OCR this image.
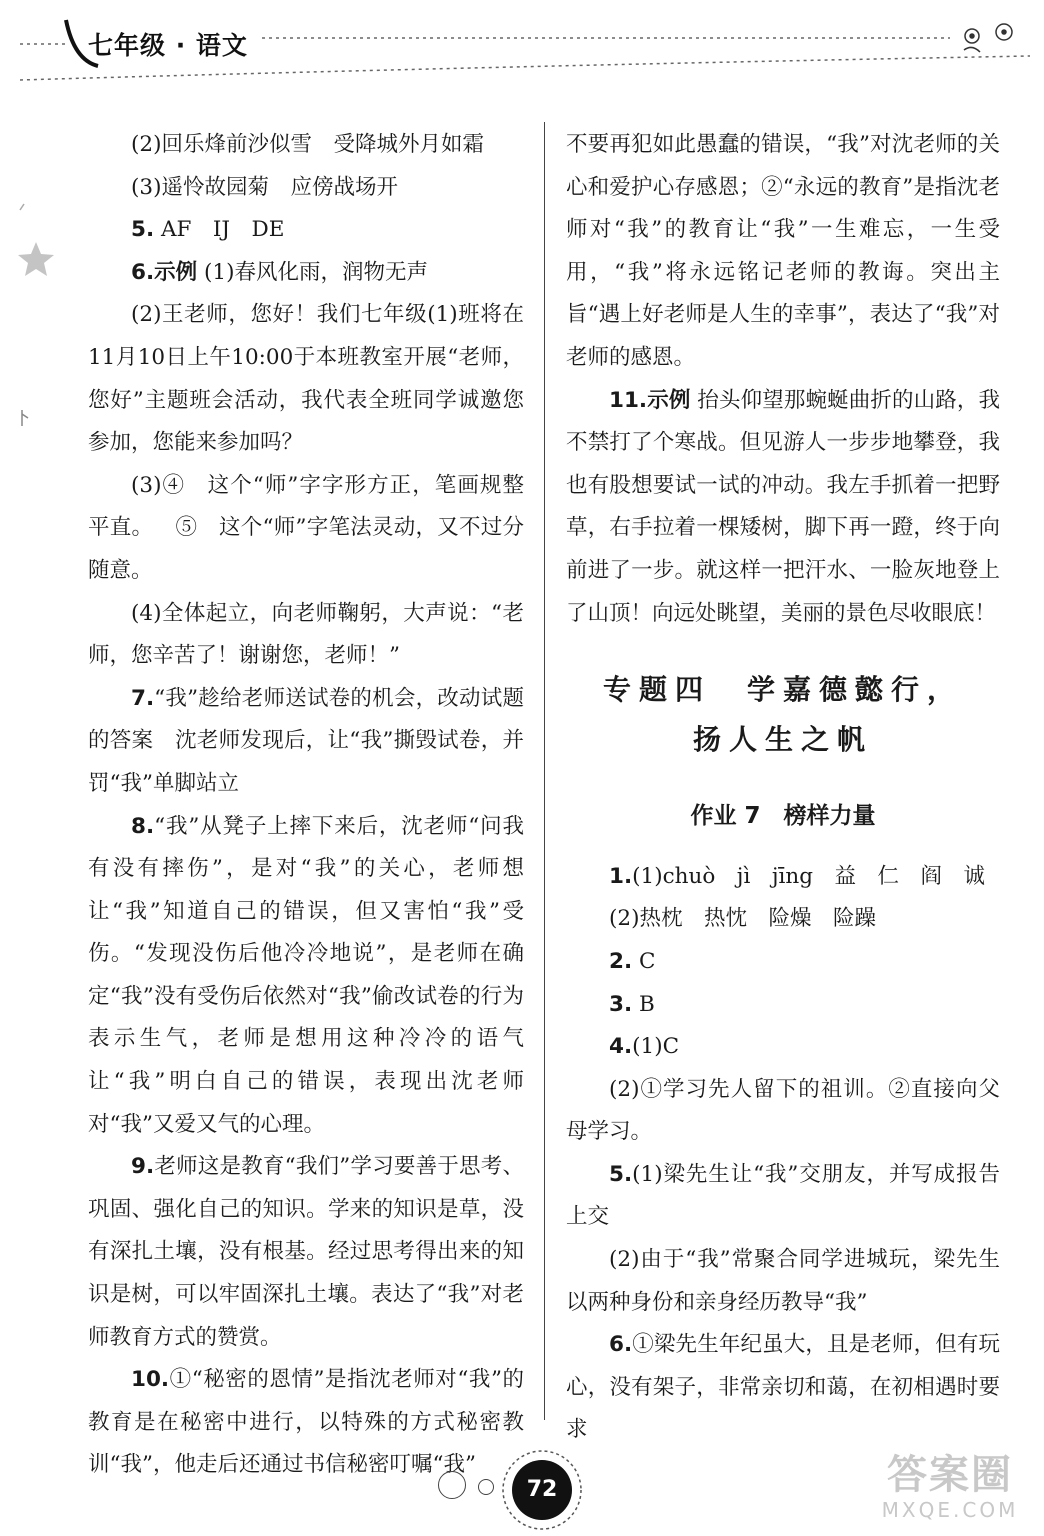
七年级 · 语文

(2)回乐烽前沙似雪　受降城外月如霜

(3)遥怜故园菊　应傍战场开

5. AF　IJ　DE

6.示例 (1)春风化雨，润物无声

(2)王老师，您好！我们七年级(1)班将在11月10日上午10:00于本班教室开展“老师，您好”主题班会活动，我代表全班同学诚邀您参加，您能来参加吗？

(3)④　这个“师”字字形方正，笔画规整平直。 ⑤　这个“师”字笔法灵动，又不过分随意。

(4)全体起立，向老师鞠躬，大声说：“老师，您辛苦了！谢谢您，老师！”

7.“我”趁给老师送试卷的机会，改动试题的答案　沈老师发现后，让“我”撕毁试卷，并罚“我”单脚站立

8.“我”从凳子上摔下来后，沈老师“问我有没有摔伤”，是对“我”的关心，老师想让“我”知道自己的错误，但又害怕“我”受伤。“发现没伤后他冷冷地说”，是老师在确定“我”没有受伤后依然对“我”偷改试卷的行为表示生气，老师是想用这种冷冷的语气让“我”明白自己的错误，表现出沈老师对“我”又爱又气的心理。

9.老师这是教育“我们”学习要善于思考、巩固、强化自己的知识。学来的知识是草，没有深扎土壤，没有根基。经过思考得出来的知识是树，可以牢固深扎土壤。表达了“我”对老师教育方式的赞赏。

10.①“秘密的恩情”是指沈老师对“我”的教育是在秘密中进行，以特殊的方式秘密教训“我”，他走后还通过书信秘密叮嘱“我”

不要再犯如此愚蠢的错误，“我”对沈老师的关心和爱护心存感恩；②“永远的教育”是指沈老师对“我”的教育让“我”一生难忘，一生受用，“我”将永远铭记老师的教诲。突出主旨“遇上好老师是人生的幸事”，表达了“我”对老师的感恩。

11.示例 抬头仰望那蜿蜒曲折的山路，我不禁打了个寒战。但见游人一步步地攀登，我也有股想要试一试的冲动。我左手抓着一把野草，右手拉着一棵矮树，脚下再一蹬，终于向前进了一步。就这样一把汗水、一脸灰地登上了山顶！向远处眺望，美丽的景色尽收眼底！

专题四　学嘉德懿行，

扬人生之帆

作业 7　榜样力量

1.(1)chuò　jì　jīng　益　仁　阎　诚

(2)热枕　热忱　险燥　险躁

2. C

3. B

4.(1)C

(2)①学习先人留下的祖训。②直接向父母学习。

5.(1)梁先生让“我”交朋友，并写成报告上交

(2)由于“我”常聚合同学进城玩，梁先生以两种身份和亲身经历教导“我”

6.①梁先生年纪虽大，且是老师，但有玩心，没有架子，非常亲切和蔼，在初相遇时要求

72	答案圈
MXQE.COM
